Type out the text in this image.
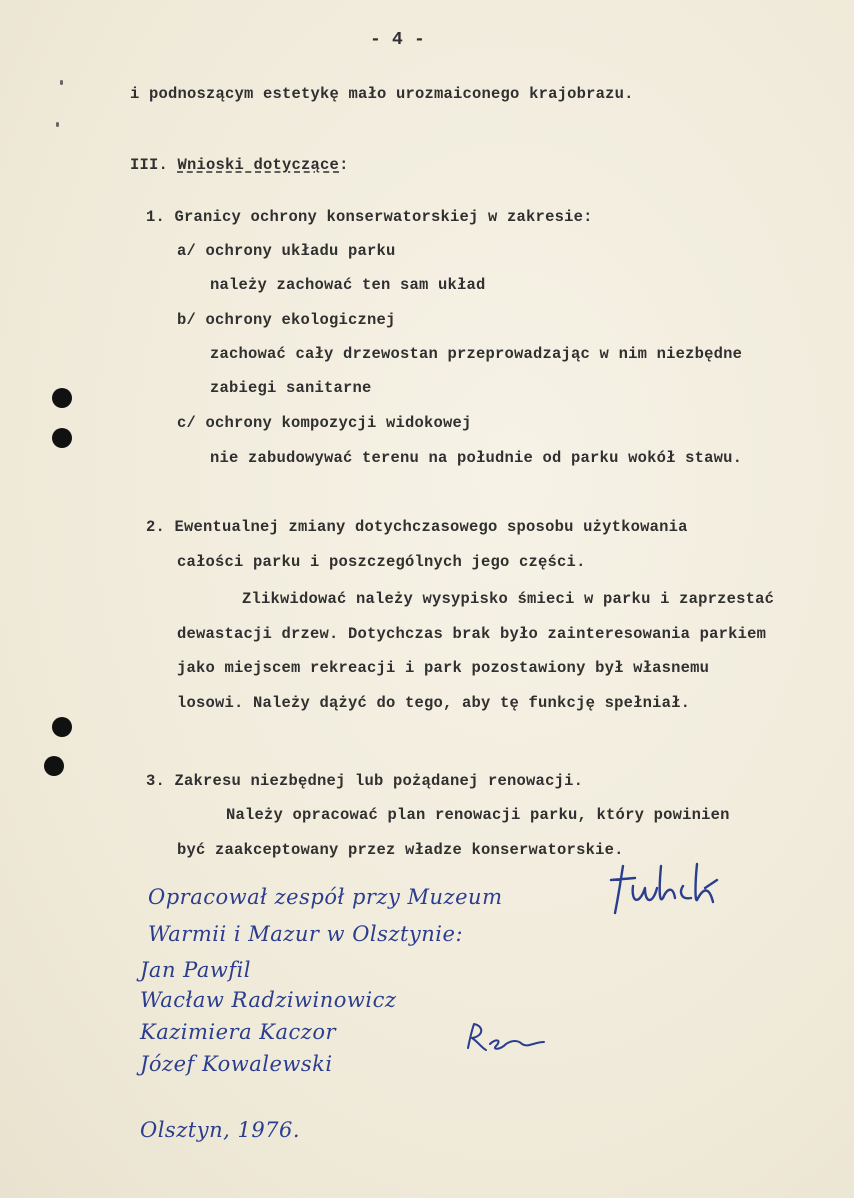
- 4 -
i podnoszącym estetykę mało urozmaiconego krajobrazu.
III. Wnioski dotyczące:
1. Granicy ochrony konserwatorskiej w zakresie:
a/ ochrony układu parku
należy zachować ten sam układ
b/ ochrony ekologicznej
zachować cały drzewostan przeprowadzając w nim niezbędne
zabiegi sanitarne
c/ ochrony kompozycji widokowej
nie zabudowywać terenu na południe od parku wokół stawu.
2. Ewentualnej zmiany dotychczasowego sposobu użytkowania
całości parku i poszczególnych jego części.
Zlikwidować należy wysypisko śmieci w parku i zaprzestać
dewastacji drzew. Dotychczas brak było zainteresowania parkiem
jako miejscem rekreacji i park pozostawiony był własnemu
losowi. Należy dążyć do tego, aby tę funkcję spełniał.
3. Zakresu niezbędnej lub pożądanej renowacji.
Należy opracować plan renowacji parku, który powinien
być zaakceptowany przez władze konserwatorskie.
Opracował zespół przy Muzeum
Warmii i Mazur w Olsztynie:
Jan Pawfil
Wacław Radziwinowicz
Kazimiera Kaczor
Józef Kowalewski
Olsztyn, 1976.
